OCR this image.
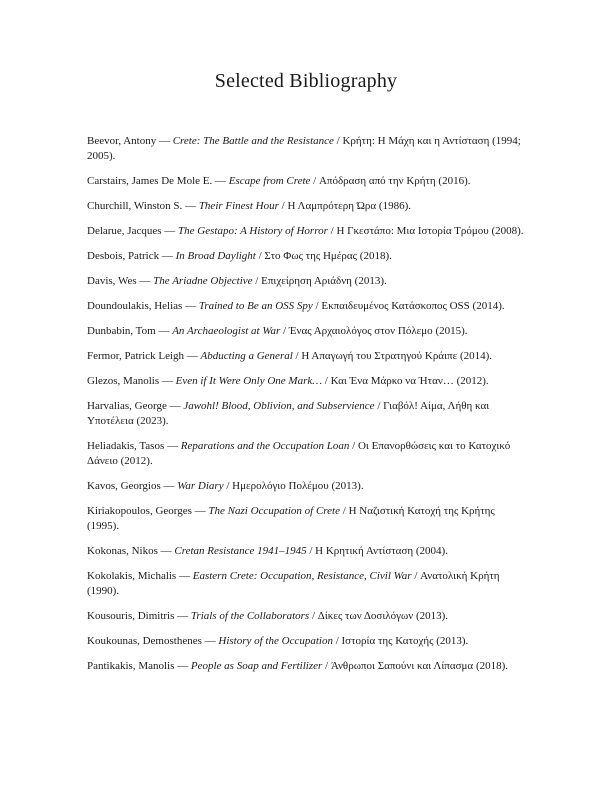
Selected Bibliography

Beevor, Antony — Crete: The Battle and the Resistance / Κρήτη: Η Μάχη και η Αντίσταση (1994; 2005).

Carstairs, James De Mole E. — Escape from Crete / Απόδραση από την Κρήτη (2016).

Churchill, Winston S. — Their Finest Hour / Η Λαμπρότερη Ώρα (1986).

Delarue, Jacques — The Gestapo: A History of Horror / Η Γκεστάπο: Μια Ιστορία Τρόμου (2008).

Desbois, Patrick — In Broad Daylight / Στο Φως της Ημέρας (2018).

Davis, Wes — The Ariadne Objective / Επιχείρηση Αριάδνη (2013).

Doundoulakis, Helias — Trained to Be an OSS Spy / Εκπαιδευμένος Κατάσκοπος OSS (2014).

Dunbabin, Tom — An Archaeologist at War / Ένας Αρχαιολόγος στον Πόλεμο (2015).

Fermor, Patrick Leigh — Abducting a General / Η Απαγωγή του Στρατηγού Κράιπε (2014).

Glezos, Manolis — Even if It Were Only One Mark… / Και Ένα Μάρκο να Ήταν… (2012).

Harvalias, George — Jawohl! Blood, Oblivion, and Subservience / Γιαβόλ! Αίμα, Λήθη και Υποτέλεια (2023).

Heliadakis, Tasos — Reparations and the Occupation Loan / Οι Επανορθώσεις και το Κατοχικό Δάνειο (2012).

Kavos, Georgios — War Diary / Ημερολόγιο Πολέμου (2013).

Kiriakopoulos, Georges — The Nazi Occupation of Crete / Η Ναζιστική Κατοχή της Κρήτης (1995).

Kokonas, Nikos — Cretan Resistance 1941–1945 / Η Κρητική Αντίσταση (2004).

Kokolakis, Michalis — Eastern Crete: Occupation, Resistance, Civil War / Ανατολική Κρήτη (1990).

Kousouris, Dimitris — Trials of the Collaborators / Δίκες των Δοσιλόγων (2013).

Koukounas, Demosthenes — History of the Occupation / Ιστορία της Κατοχής (2013).

Pantikakis, Manolis — People as Soap and Fertilizer / Άνθρωποι Σαπούνι και Λίπασμα (2018).
